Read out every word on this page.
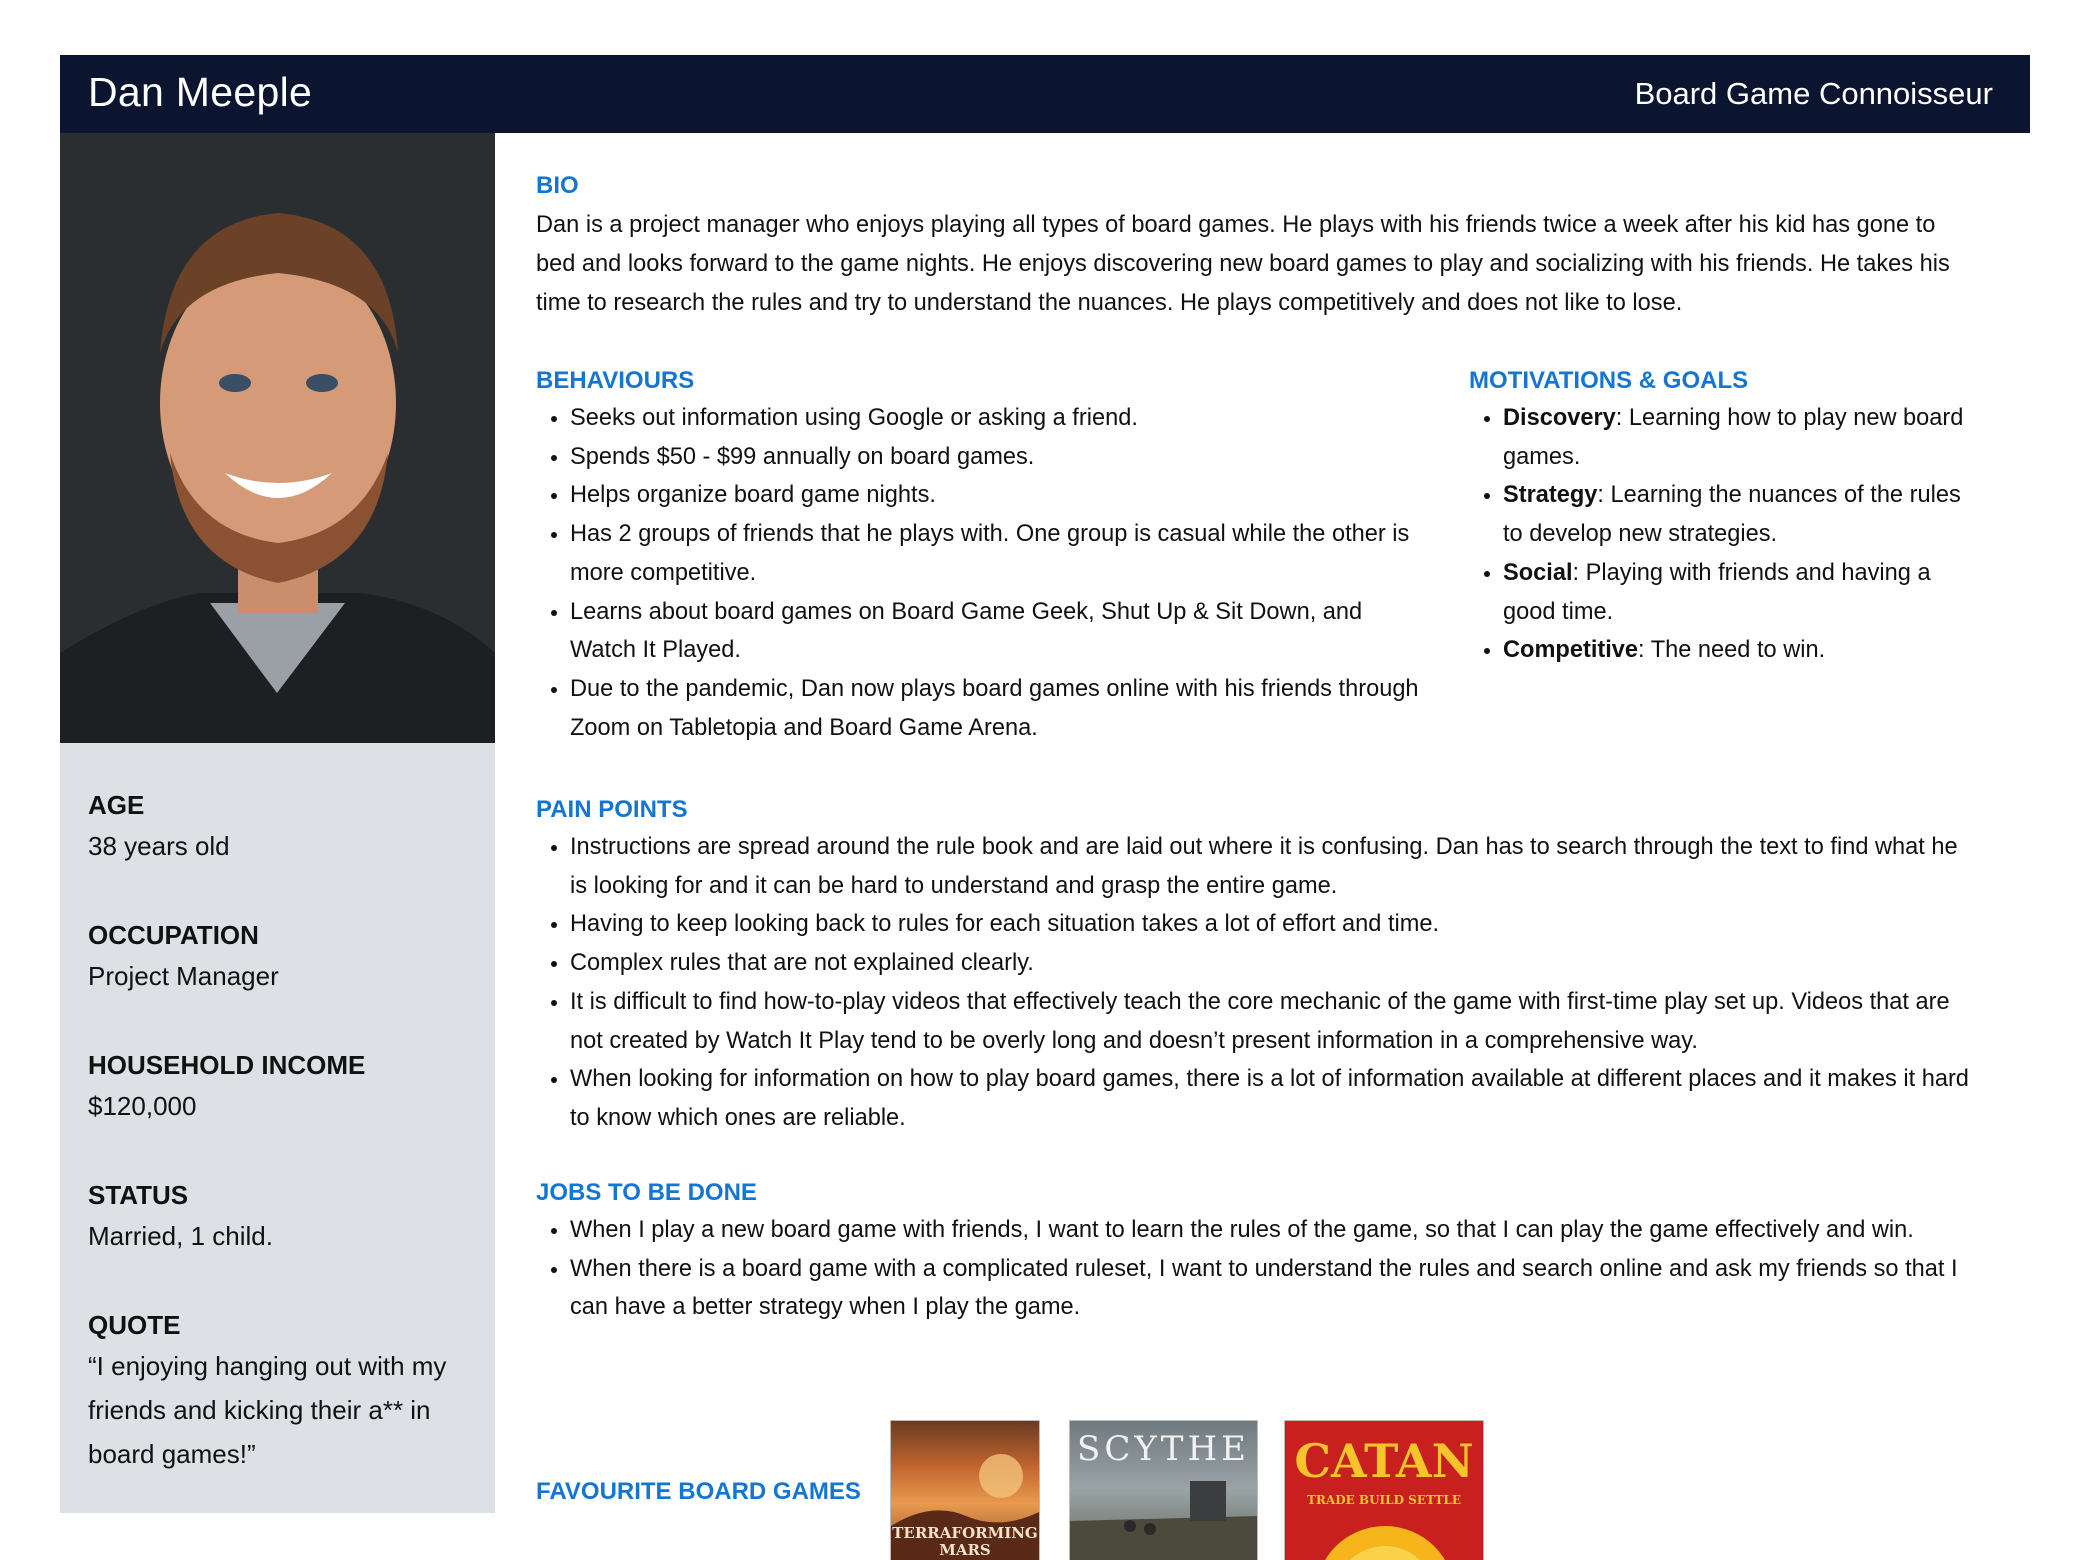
Dan Meeple	Board Game Connoisseur
AGE
38 years old
OCCUPATION
Project Manager
HOUSEHOLD INCOME
$120,000
STATUS
Married, 1 child.
QUOTE
“I enjoying hanging out with my friends and kicking their a** in board games!”
BIO
Dan is a project manager who enjoys playing all types of board games. He plays with his friends twice a week after his kid has gone to bed and looks forward to the game nights. He enjoys discovering new board games to play and socializing with his friends. He takes his time to research the rules and try to understand the nuances. He plays competitively and does not like to lose.
BEHAVIOURS
Seeks out information using Google or asking a friend.
Spends $50 - $99 annually on board games.
Helps organize board game nights.
Has 2 groups of friends that he plays with. One group is casual while the other is more competitive.
Learns about board games on Board Game Geek, Shut Up & Sit Down, and Watch It Played.
Due to the pandemic, Dan now plays board games online with his friends through Zoom on Tabletopia and Board Game Arena.
MOTIVATIONS & GOALS
Discovery: Learning how to play new board games.
Strategy: Learning the nuances of the rules to develop new strategies.
Social: Playing with friends and having a good time.
Competitive: The need to win.
PAIN POINTS
Instructions are spread around the rule book and are laid out where it is confusing. Dan has to search through the text to find what he is looking for and it can be hard to understand and grasp the entire game.
Having to keep looking back to rules for each situation takes a lot of effort and time.
Complex rules that are not explained clearly.
It is difficult to find how-to-play videos that effectively teach the core mechanic of the game with first-time play set up. Videos that are not created by Watch It Play tend to be overly long and doesn’t present information in a comprehensive way.
When looking for information on how to play board games, there is a lot of information available at different places and it makes it hard to know which ones are reliable.
JOBS TO BE DONE
When I play a new board game with friends, I want to learn the rules of the game, so that I can play the game effectively and win.
When there is a board game with a complicated ruleset, I want to understand the rules and search online and ask my friends so that I can have a better strategy when I play the game.
FAVOURITE BOARD GAMES
TERRAFORMING MARS
SCYTHE CATAN
TRADE BUILD SETTLE
